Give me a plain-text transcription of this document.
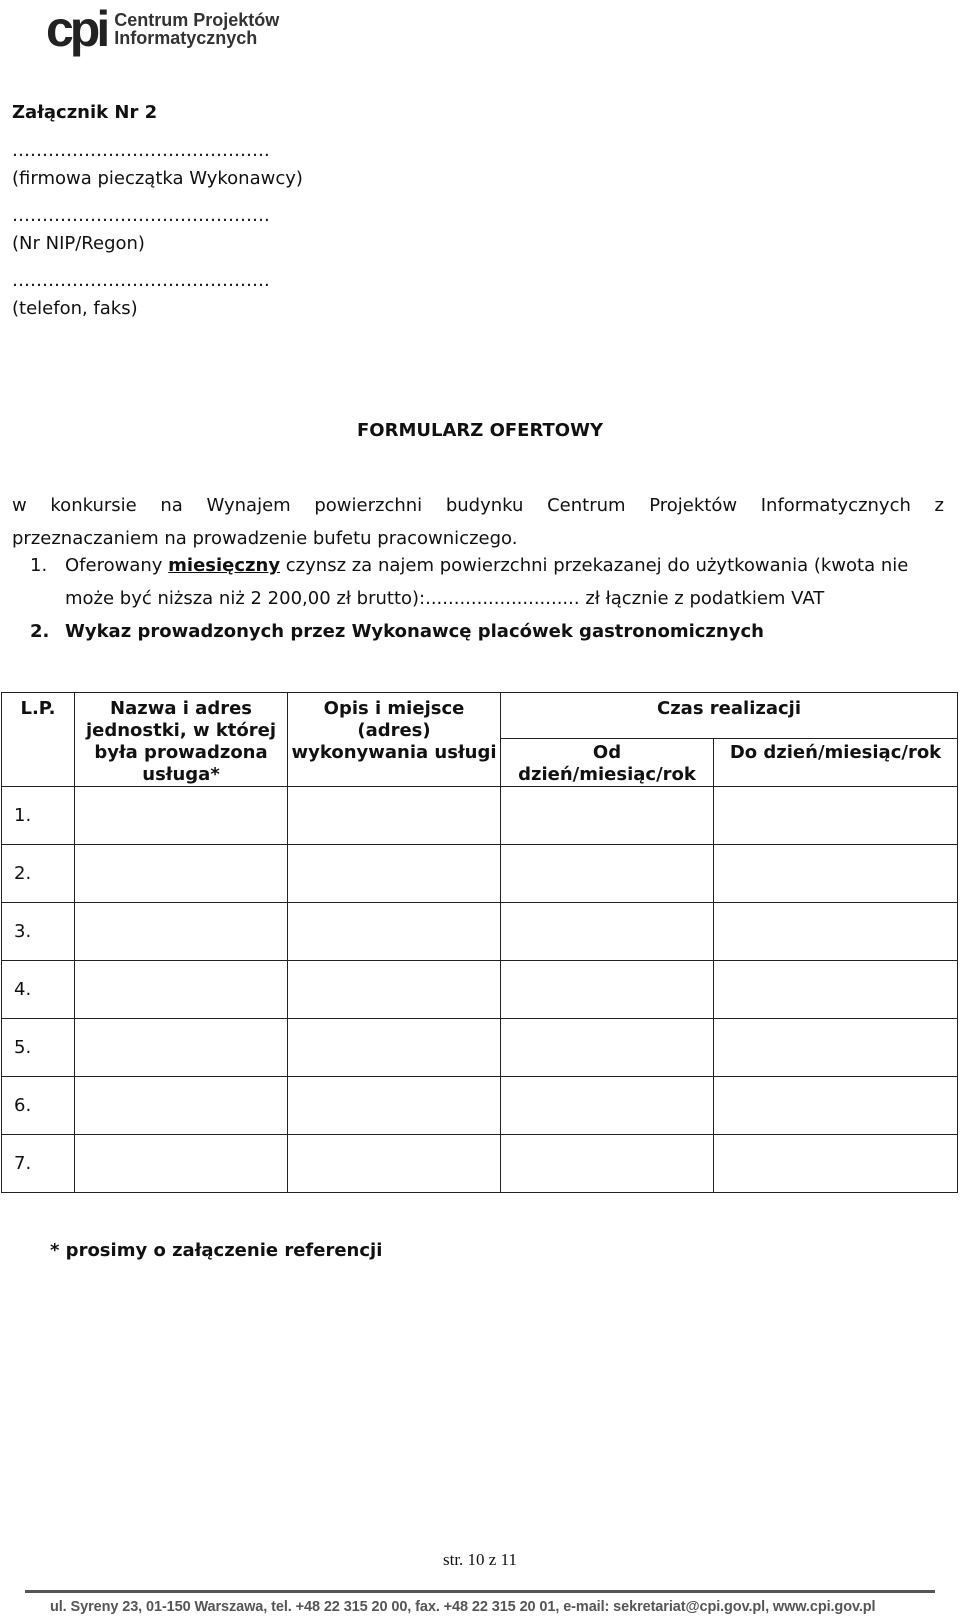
cpi Centrum Projektów
Informatycznych
Załącznik Nr 2
…………………………………….
(firmowa pieczątka Wykonawcy)
…………………………………….
(Nr NIP/Regon)
…………………………………….
(telefon, faks)
FORMULARZ OFERTOWY
w konkursie na Wynajem powierzchni budynku Centrum Projektów Informatycznych z
przeznaczaniem na prowadzenie bufetu pracowniczego.
1. Oferowany miesięczny czynsz za najem powierzchni przekazanej do użytkowania (kwota nie
może być niższa niż 2 200,00 zł brutto):........................... zł łącznie z podatkiem VAT
2. Wykaz prowadzonych przez Wykonawcę placówek gastronomicznych
L.P.	Nazwa i adres jednostki, w której była prowadzona usługa*	Opis i miejsce (adres) wykonywania usługi	Czas realizacji	
			Od dzień/miesiąc/rok	Do dzień/miesiąc/rok
1.				
2.				
3.				
4.				
5.				
6.				
7.				
* prosimy o załączenie referencji
str. 10 z 11
ul. Syreny 23, 01-150 Warszawa, tel. +48 22 315 20 00, fax. +48 22 315 20 01, e-mail: sekretariat@cpi.gov.pl, www.cpi.gov.pl
